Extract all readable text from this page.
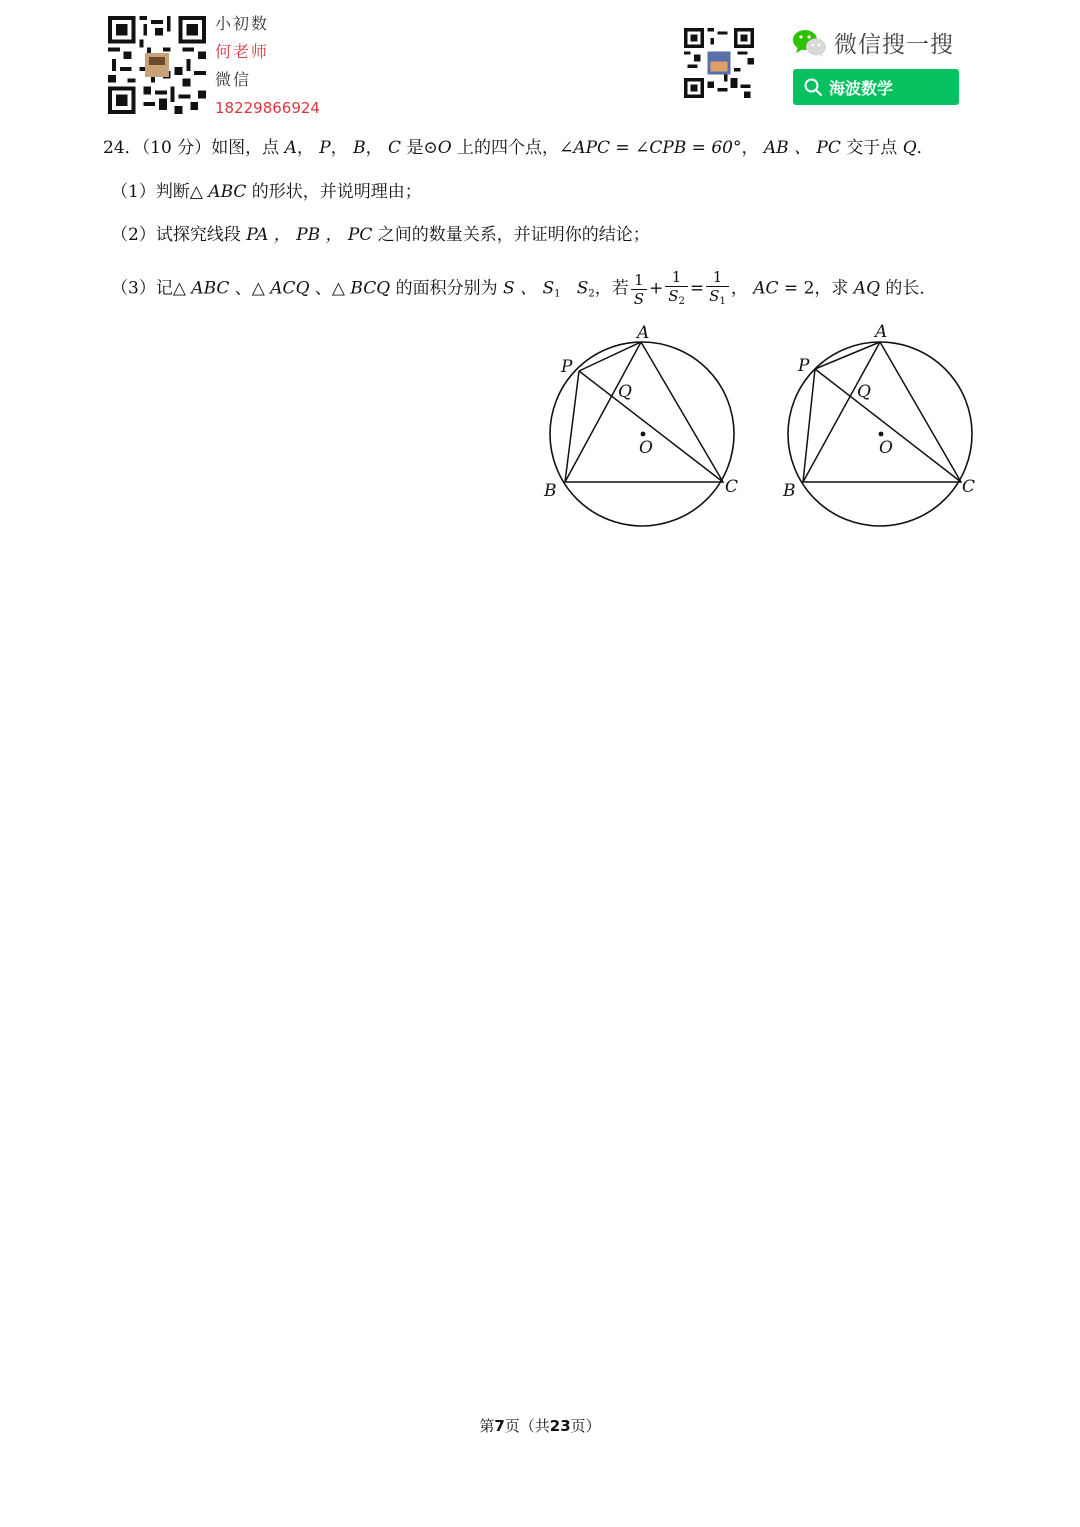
小初数
何老师
微信
18229866924
微信搜一搜
海波数学
24．（10 分）如图，点 A， P， B， C 是⊙O 上的四个点，∠APC = ∠CPB = 60°， AB 、 PC 交于点 Q．
（1）判断△ ABC 的形状，并说明理由；
（2）试探究线段 PA ， PB ， PC 之间的数量关系，并证明你的结论；
（3）记△ ABC 、△ ACQ 、△ BCQ 的面积分别为 S 、 $S_1$ $S_2$，若 $\frac{1}{S} + \frac{1}{S_2} = \frac{1}{S_1}$ ， AC = 2，求 AQ 的长．
A
P
Q
O
B	C
A
P
Q
O
B	C
第7页（共23页）
